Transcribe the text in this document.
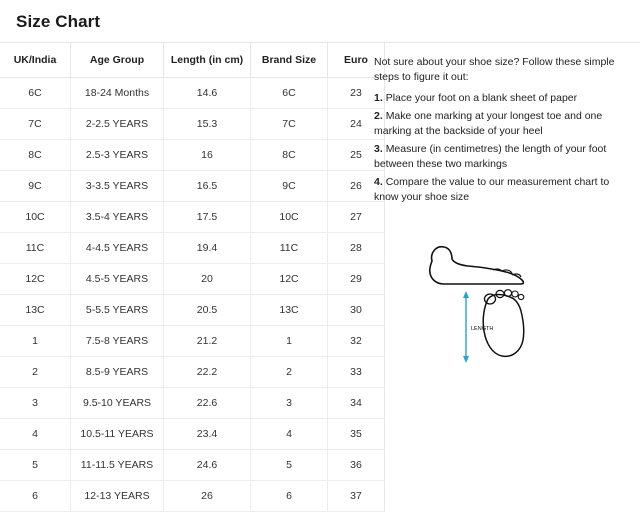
Size Chart
UK/India	Age Group	Length (in cm)	Brand Size	Euro
6C	18-24 Months	14.6	6C	23
7C	2-2.5 YEARS	15.3	7C	24
8C	2.5-3 YEARS	16	8C	25
9C	3-3.5 YEARS	16.5	9C	26
10C	3.5-4 YEARS	17.5	10C	27
11C	4-4.5 YEARS	19.4	11C	28
12C	4.5-5 YEARS	20	12C	29
13C	5-5.5 YEARS	20.5	13C	30
1	7.5-8 YEARS	21.2	1	32
2	8.5-9 YEARS	22.2	2	33
3	9.5-10 YEARS	22.6	3	34
4	10.5-11 YEARS	23.4	4	35
5	11-11.5 YEARS	24.6	5	36
6	12-13 YEARS	26	6	37

Not sure about your shoe size? Follow these simple steps to figure it out:

1. Place your foot on a blank sheet of paper

2. Make one marking at your longest toe and one marking at the backside of your heel

3. Measure (in centimetres) the length of your foot between these two markings

4. Compare the value to our measurement chart to know your shoe size

LENGTH
